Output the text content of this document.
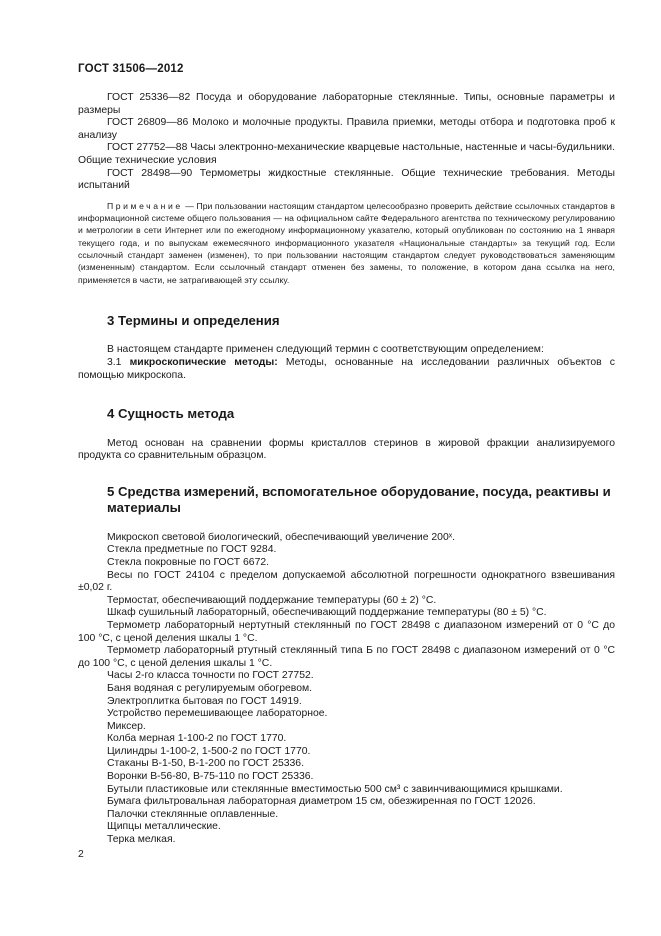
ГОСТ 31506—2012

ГОСТ 25336—82 Посуда и оборудование лабораторные стеклянные. Типы, основные параметры и размеры

ГОСТ 26809—86 Молоко и молочные продукты. Правила приемки, методы отбора и подготовка проб к анализу

ГОСТ 27752—88 Часы электронно-механические кварцевые настольные, настенные и часы-будильники. Общие технические условия

ГОСТ 28498—90 Термометры жидкостные стеклянные. Общие технические требования. Методы испытаний

Примечание — При пользовании настоящим стандартом целесообразно проверить действие ссылочных стандартов в информационной системе общего пользования — на официальном сайте Федерального агентства по техническому регулированию и метрологии в сети Интернет или по ежегодному информационному указателю, который опубликован по состоянию на 1 января текущего года, и по выпускам ежемесячного информационного указателя «Национальные стандарты» за текущий год. Если ссылочный стандарт заменен (изменен), то при пользовании настоящим стандартом следует руководствоваться заменяющим (измененным) стандартом. Если ссылочный стандарт отменен без замены, то положение, в котором дана ссылка на него, применяется в части, не затрагивающей эту ссылку.

3 Термины и определения

В настоящем стандарте применен следующий термин с соответствующим определением:

3.1 микроскопические методы: Методы, основанные на исследовании различных объектов с помощью микроскопа.

4 Сущность метода

Метод основан на сравнении формы кристаллов стеринов в жировой фракции анализируемого продукта со сравнительным образцом.

5 Средства измерений, вспомогательное оборудование, посуда, реактивы и материалы

Микроскоп световой биологический, обеспечивающий увеличение 200ˣ.

Стекла предметные по ГОСТ 9284.

Стекла покровные по ГОСТ 6672.

Весы по ГОСТ 24104 с пределом допускаемой абсолютной погрешности однократного взвешивания ±0,02 г.

Термостат, обеспечивающий поддержание температуры (60 ± 2) °С.

Шкаф сушильный лабораторный, обеспечивающий поддержание температуры (80 ± 5) °С.

Термометр лабораторный нертутный стеклянный по ГОСТ 28498 с диапазоном измерений от 0 °С до 100 °С, с ценой деления шкалы 1 °С.

Термометр лабораторный ртутный стеклянный типа Б по ГОСТ 28498 с диапазоном измерений от 0 °С до 100 °С, с ценой деления шкалы 1 °С.

Часы 2-го класса точности по ГОСТ 27752.

Баня водяная с регулируемым обогревом.

Электроплитка бытовая по ГОСТ 14919.

Устройство перемешивающее лабораторное.

Миксер.

Колба мерная 1-100-2 по ГОСТ 1770.

Цилиндры 1-100-2, 1-500-2 по ГОСТ 1770.

Стаканы В-1-50, В-1-200 по ГОСТ 25336.

Воронки В-56-80, В-75-110 по ГОСТ 25336.

Бутыли пластиковые или стеклянные вместимостью 500 см³ с завинчивающимися крышками.

Бумага фильтровальная лабораторная диаметром 15 см, обезжиренная по ГОСТ 12026.

Палочки стеклянные оплавленные.

Щипцы металлические.

Терка мелкая.

2
